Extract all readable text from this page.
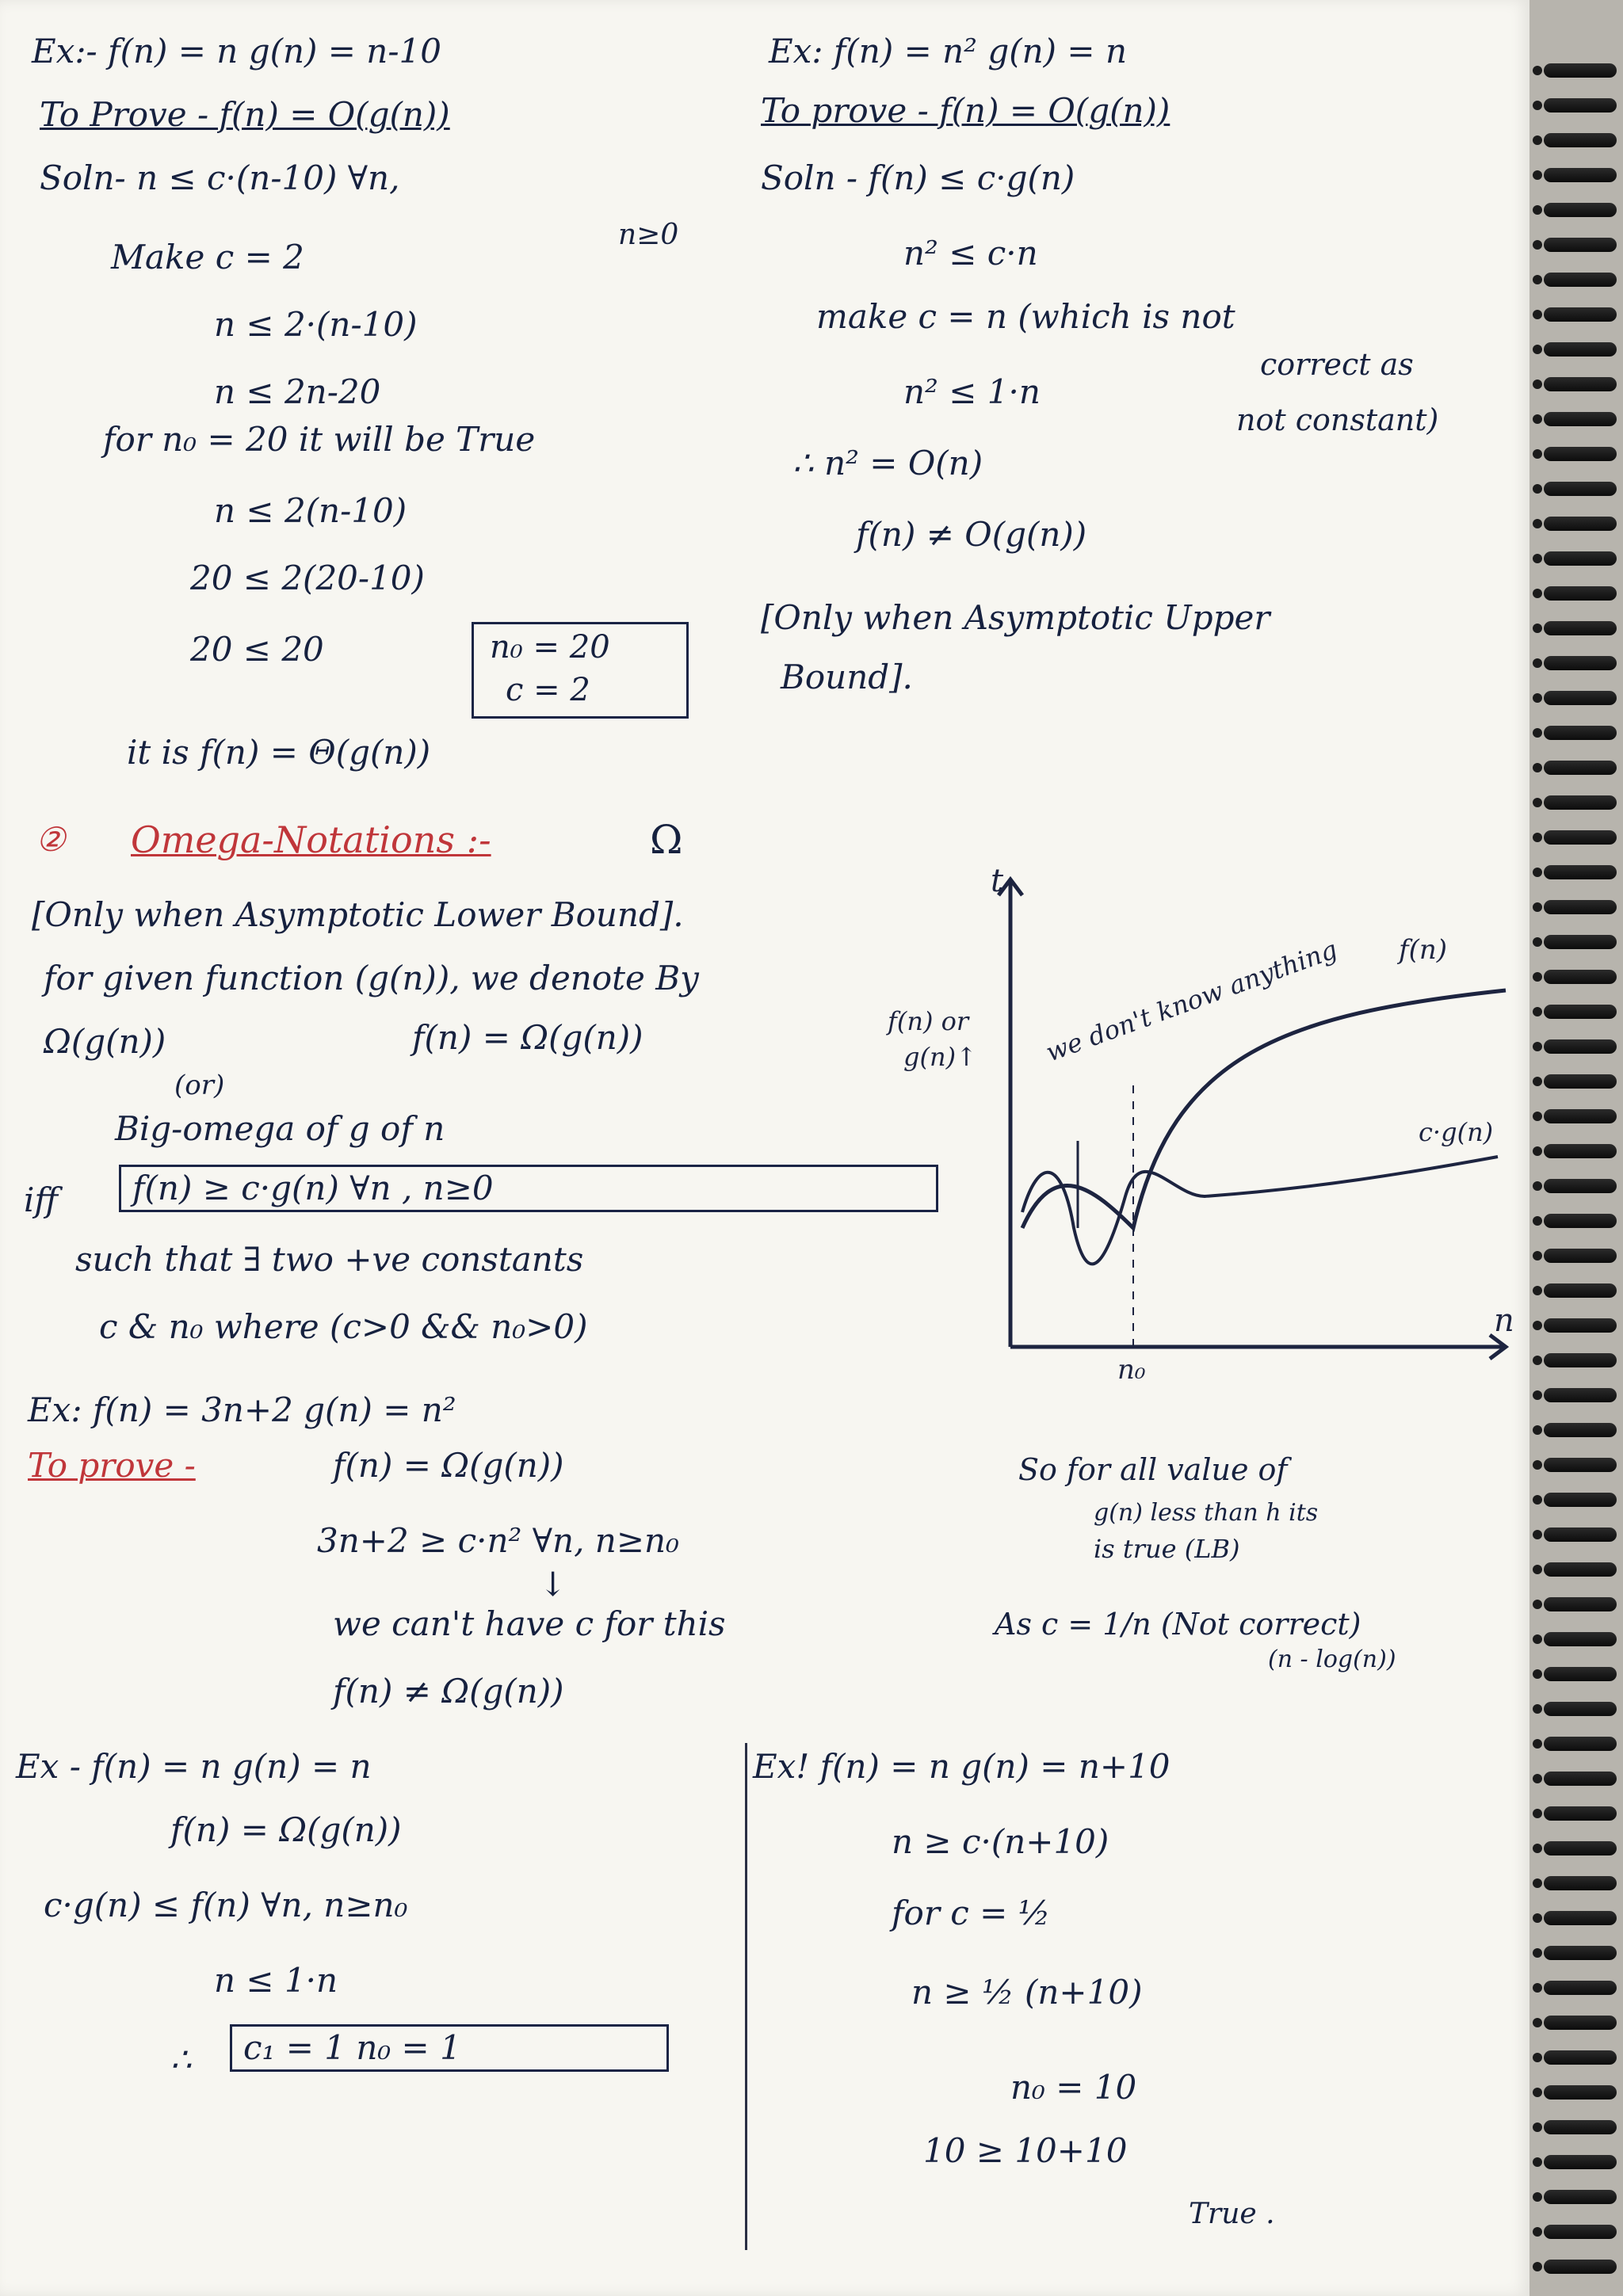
Ex:- f(n) = n g(n) = n-10
To Prove - f(n) = O(g(n))
Soln- n ≤ c·(n-10) ∀n,
n≥0
Make c = 2
n ≤ 2·(n-10)
n ≤ 2n-20
for n₀ = 20 it will be True
n ≤ 2(n-10)
20 ≤ 2(20-10)
20 ≤ 20	n₀ = 20
c = 2
it is f(n) = Θ(g(n))
Ex: f(n) = n² g(n) = n
To prove - f(n) = O(g(n))
Soln - f(n) ≤ c·g(n)
n² ≤ c·n
make c = n (which is not
correct as
n² ≤ 1·n
not constant)
∴ n² = O(n)
f(n) ≠ O(g(n))
[Only when Asymptotic Upper
Bound].
② Omega-Notations :-	Ω
[Only when Asymptotic Lower Bound].
for given function (g(n)), we denote By
Ω(g(n))	f(n) = Ω(g(n))
(or)
Big-omega of g of n
iff	f(n) ≥ c·g(n) ∀n , n≥0
such that ∃ two +ve constants
c & n₀ where (c>0 && n₀>0)
t
n
f(n) or
g(n)↑	we don't know anything f(n)
c·g(n)
n₀
Ex: f(n) = 3n+2 g(n) = n²
To prove -	f(n) = Ω(g(n))
3n+2 ≥ c·n² ∀n, n≥n₀
↓
we can't have c for this	As c = 1/n (Not correct)
(n - log(n))
f(n) ≠ Ω(g(n))
So for all value of
g(n) less than h its
is true (LB)
Ex - f(n) = n g(n) = n
f(n) = Ω(g(n))
c·g(n) ≤ f(n) ∀n, n≥n₀
n ≤ 1·n
∴	c₁ = 1 n₀ = 1
Ex! f(n) = n g(n) = n+10
n ≥ c·(n+10)
for c = ½
n ≥ ½ (n+10)
n₀ = 10
10 ≥ 10+10
True .
